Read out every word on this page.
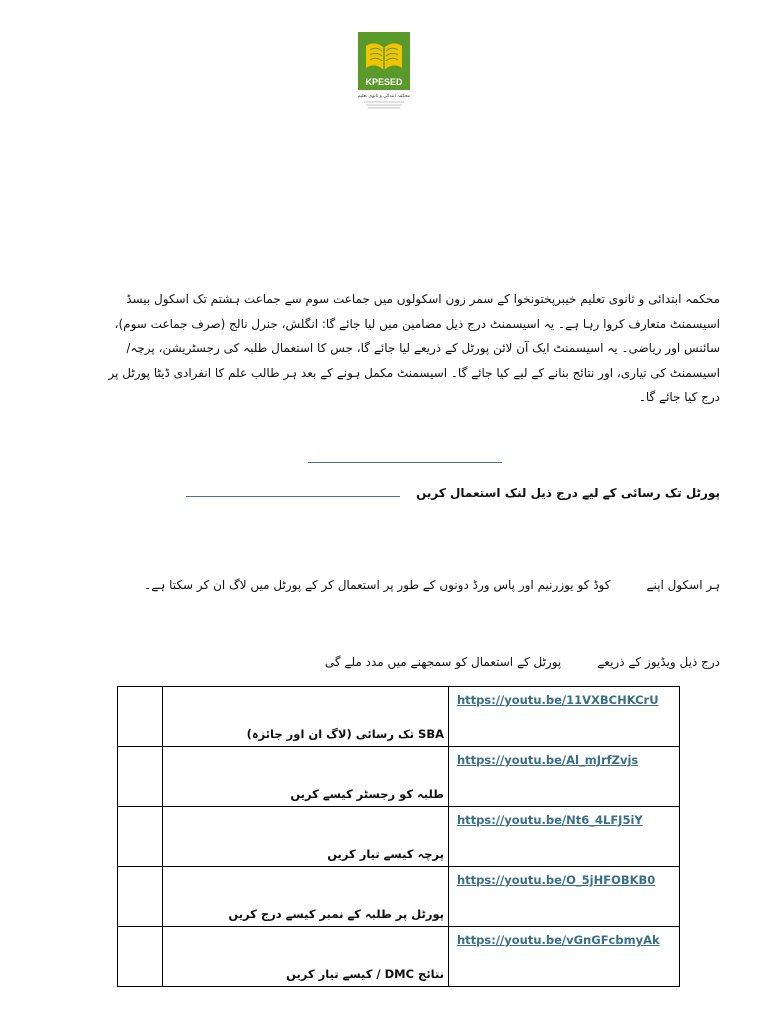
KPESED
محکمہ ابتدائی و ثانوی تعلیم
محکمہ ابتدائی و ثانوی تعلیم خیبرپختونخوا کے سمر زون اسکولوں میں جماعت سوم سے جماعت ہشتم تک اسکول بیسڈ اسیسمنٹ متعارف کروا رہا ہے۔ یہ اسیسمنٹ درج ذیل مضامین میں لیا جائے گا: انگلش، جنرل نالج (صرف جماعت سوم)، سائنس اور ریاضی۔ یہ اسیسمنٹ ایک آن لائن پورٹل کے ذریعے لیا جائے گا، جس کا استعمال طلبہ کی رجسٹریشن، پرچہ/اسیسمنٹ کی تیاری، اور نتائج بنانے کے لیے کیا جائے گا۔ اسیسمنٹ مکمل ہونے کے بعد ہر طالب علم کا انفرادی ڈیٹا پورٹل پر درج کیا جائے گا۔
پورٹل تک رسائی کے لیے درج ذیل لنک استعمال کریں
ہر اسکول اپنےکوڈ کو یوزرنیم اور پاس ورڈ دونوں کے طور پر استعمال کر کے پورٹل میں لاگ ان کر سکتا ہے۔
درج ذیل ویڈیوز کے ذریعےپورٹل کے استعمال کو سمجھنے میں مدد ملے گی
	SBA تک رسائی (لاگ ان اور جائزہ)	https://youtu.be/11VXBCHKCrU
	طلبہ کو رجسٹر کیسے کریں	https://youtu.be/Al_mJrfZvjs
	پرچہ کیسے تیار کریں	https://youtu.be/Nt6_4LFJ5iY
	پورٹل پر طلبہ کے نمبر کیسے درج کریں	https://youtu.be/O_5jHFOBKB0
	نتائج DMC / کیسے تیار کریں	https://youtu.be/vGnGFcbmyAk
